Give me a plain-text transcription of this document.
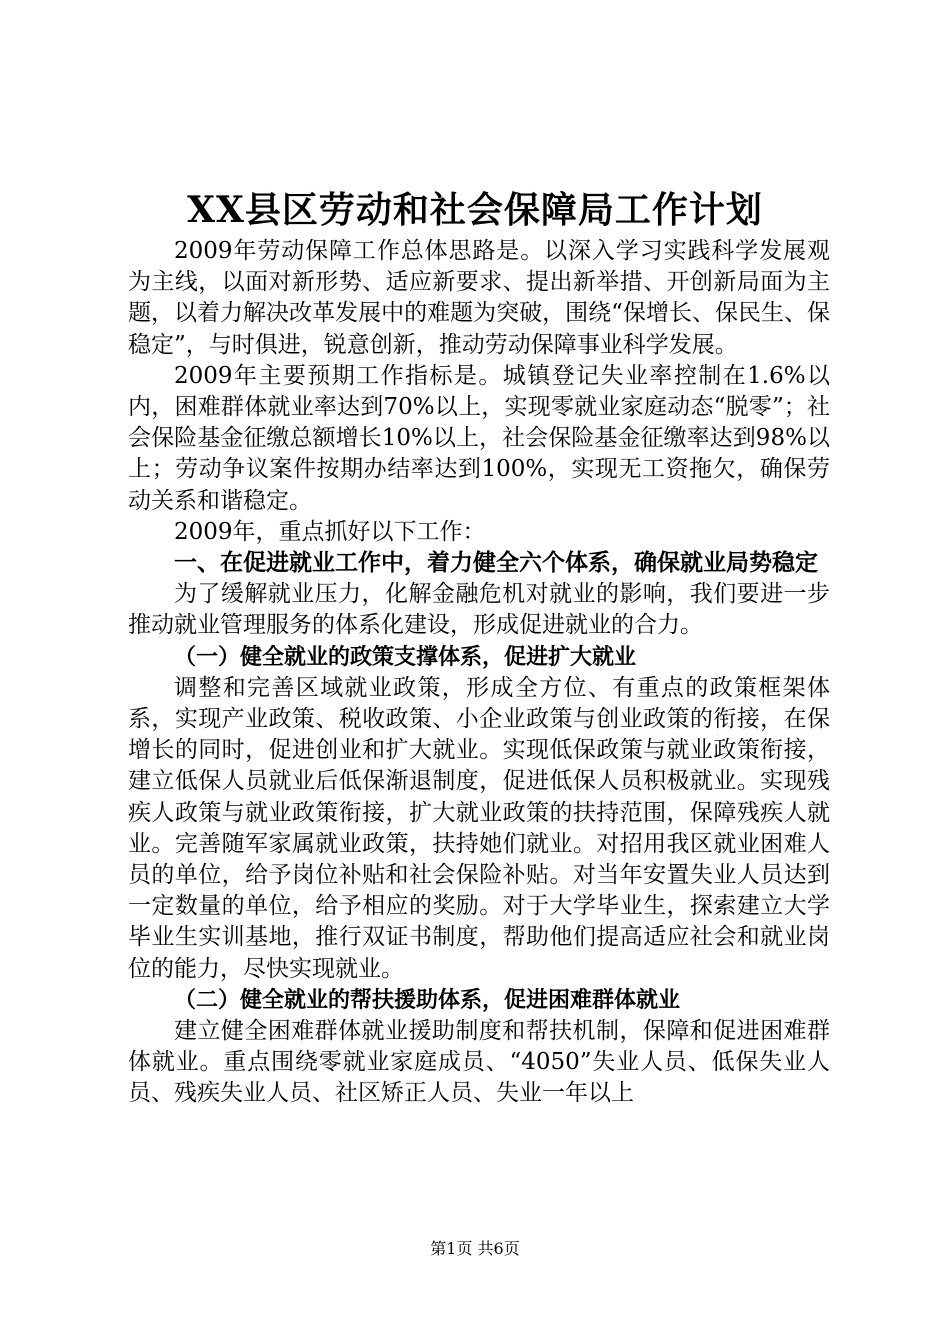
XX县区劳动和社会保障局工作计划

2009年劳动保障工作总体思路是。以深入学习实践科学发展观为主线，以面对新形势、适应新要求、提出新举措、开创新局面为主题，以着力解决改革发展中的难题为突破，围绕“保增长、保民生、保稳定”，与时俱进，锐意创新，推动劳动保障事业科学发展。

2009年主要预期工作指标是。城镇登记失业率控制在1.6%以内，困难群体就业率达到70%以上，实现零就业家庭动态“脱零”；社会保险基金征缴总额增长10%以上，社会保险基金征缴率达到98%以上；劳动争议案件按期办结率达到100%，实现无工资拖欠，确保劳动关系和谐稳定。

2009年，重点抓好以下工作：

一、在促进就业工作中，着力健全六个体系，确保就业局势稳定

为了缓解就业压力，化解金融危机对就业的影响，我们要进一步推动就业管理服务的体系化建设，形成促进就业的合力。

（一）健全就业的政策支撑体系，促进扩大就业

调整和完善区域就业政策，形成全方位、有重点的政策框架体系，实现产业政策、税收政策、小企业政策与创业政策的衔接，在保增长的同时，促进创业和扩大就业。实现低保政策与就业政策衔接，建立低保人员就业后低保渐退制度，促进低保人员积极就业。实现残疾人政策与就业政策衔接，扩大就业政策的扶持范围，保障残疾人就业。完善随军家属就业政策，扶持她们就业。对招用我区就业困难人员的单位，给予岗位补贴和社会保险补贴。对当年安置失业人员达到一定数量的单位，给予相应的奖励。对于大学毕业生，探索建立大学毕业生实训基地，推行双证书制度，帮助他们提高适应社会和就业岗位的能力，尽快实现就业。

（二）健全就业的帮扶援助体系，促进困难群体就业

建立健全困难群体就业援助制度和帮扶机制，保障和促进困难群体就业。重点围绕零就业家庭成员、“4050”失业人员、低保失业人员、残疾失业人员、社区矫正人员、失业一年以上

第1页 共6页
